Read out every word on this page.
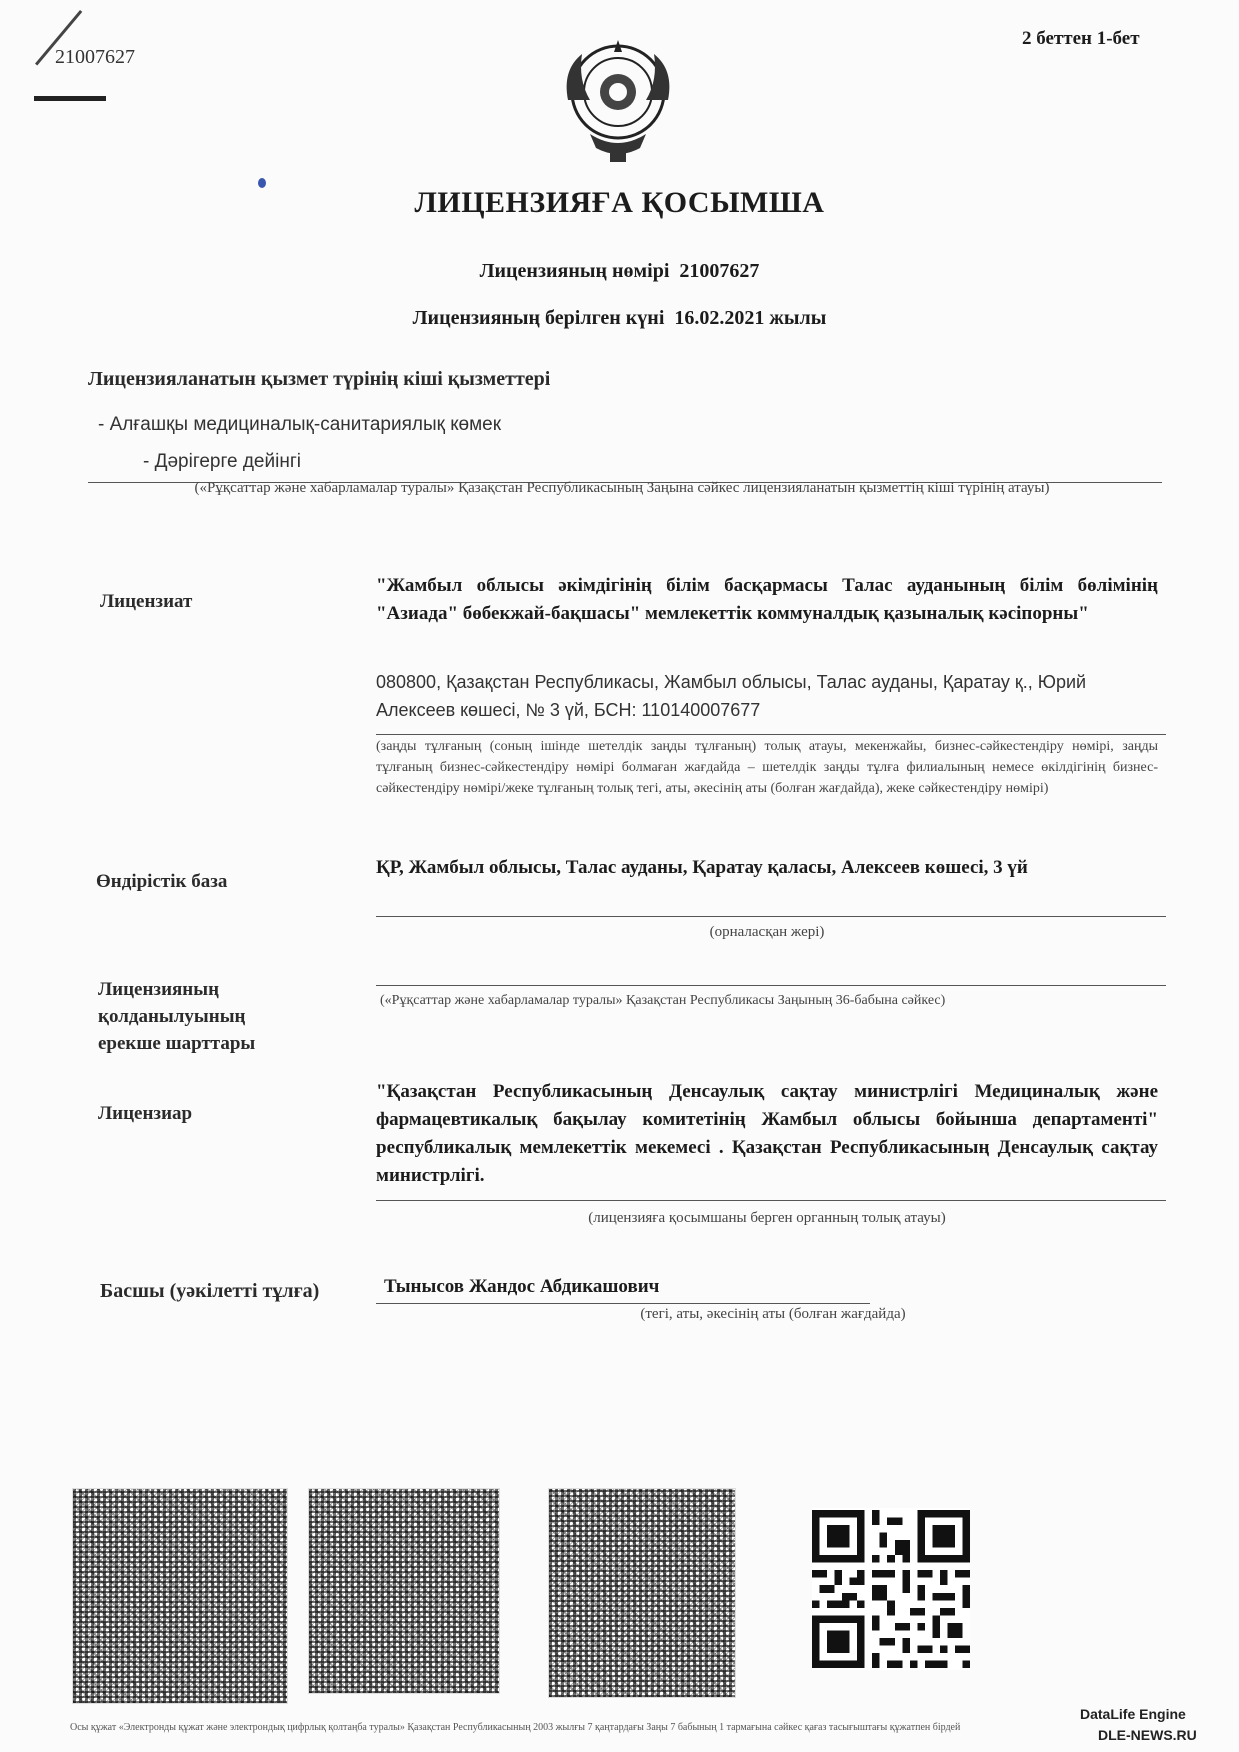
21007627
2 беттен 1-бет
ЛИЦЕНЗИЯҒА ҚОСЫМША
Лицензияның нөмірі 21007627
Лицензияның берілген күні 16.02.2021 жылы
Лицензияланатын қызмет түрінің кіші қызметтері
- Алғашқы медициналық-санитариялық көмек
- Дәрігерге дейінгі
(«Рұқсаттар және хабарламалар туралы» Қазақстан Республикасының Заңына сәйкес лицензияланатын қызметтің кіші түрінің атауы)
Лицензиат
"Жамбыл облысы әкімдігінің білім басқармасы Талас ауданының білім бөлімінің "Азиада" бөбекжай-бақшасы" мемлекеттік коммуналдық қазыналық кәсіпорны"
080800, Қазақстан Республикасы, Жамбыл облысы, Талас ауданы, Қаратау қ., Юрий Алексеев көшесі, № 3 үй, БСН: 110140007677
(заңды тұлғаның (соның ішінде шетелдік заңды тұлғаның) толық атауы, мекенжайы, бизнес-сәйкестендіру нөмірі, заңды тұлғаның бизнес-сәйкестендіру нөмірі болмаған жағдайда – шетелдік заңды тұлға филиалының немесе өкілдігінің бизнес-сәйкестендіру нөмірі/жеке тұлғаның толық тегі, аты, әкесінің аты (болған жағдайда), жеке сәйкестендіру нөмірі)
Өндірістік база
ҚР, Жамбыл облысы, Талас ауданы, Қаратау қаласы, Алексеев көшесі, 3 үй
(орналасқан жері)
Лицензияның
қолданылуының
ерекше шарттары
(«Рұқсаттар және хабарламалар туралы» Қазақстан Республикасы Заңының 36-бабына сәйкес)
Лицензиар
"Қазақстан Республикасының Денсаулық сақтау министрлігі Медициналық және фармацевтикалық бақылау комитетінің Жамбыл облысы бойынша департаменті" республикалық мемлекеттік мекемесі . Қазақстан Республикасының Денсаулық сақтау министрлігі.
(лицензияға қосымшаны берген органның толық атауы)
Басшы (уәкілетті тұлға)	Тынысов Жандос Абдикашович
(тегі, аты, әкесінің аты (болған жағдайда)
Осы құжат «Электронды құжат және электрондық цифрлық қолтаңба туралы» Қазақстан Республикасының 2003 жылғы 7 қаңтардағы Заңы 7 бабының 1 тармағына сәйкес қағаз тасығыштағы құжатпен бірдей
DataLife Engine
DLE-NEWS.RU
